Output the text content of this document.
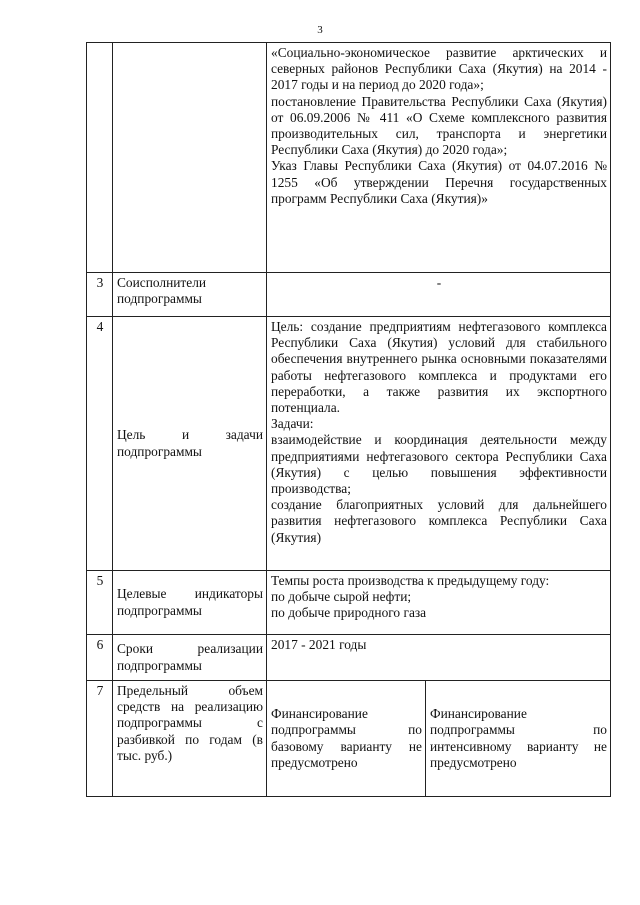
3

		«Социально-экономическое развитие арктических и северных районов Республики Саха (Якутия) на 2014 - 2017 годы и на период до 2020 года»;
постановление Правительства Республики Саха (Якутия) от 06.09.2006 № 411 «О Схеме комплексного развития производительных сил, транспорта и энергетики Республики Саха (Якутия) до 2020 года»;
Указ Главы Республики Саха (Якутия) от 04.07.2016 № 1255 «Об утверждении Перечня государственных программ Республики Саха (Якутия)»	

3	Соисполнители подпрограммы	-	
4	Цель и задачи подпрограммы	Цель: создание предприятиям нефтегазового комплекса Республики Саха (Якутия) условий для стабильного обеспечения внутреннего рынка основными показателями работы нефтегазового комплекса и продуктами его переработки, а также развития их экспортного потенциала.
Задачи:
взаимодействие и координация деятельности между предприятиями нефтегазового сектора Республики Саха (Якутия) с целью повышения эффективности производства;
создание благоприятных условий для дальнейшего развития нефтегазового комплекса Республики Саха (Якутия)	

5	Целевые индикаторы подпрограммы	Темпы роста производства к предыдущему году:
по добыче сырой нефти;
по добыче природного газа	

6	Сроки реализации подпрограммы	2017 - 2021 годы	
7	Предельный объем средств на реализацию подпрограммы с разбивкой по годам (в тыс. руб.)	Финансирование подпрограммы по базовому варианту не предусмотрено	Финансирование подпрограммы по интенсивному варианту не предусмотрено
